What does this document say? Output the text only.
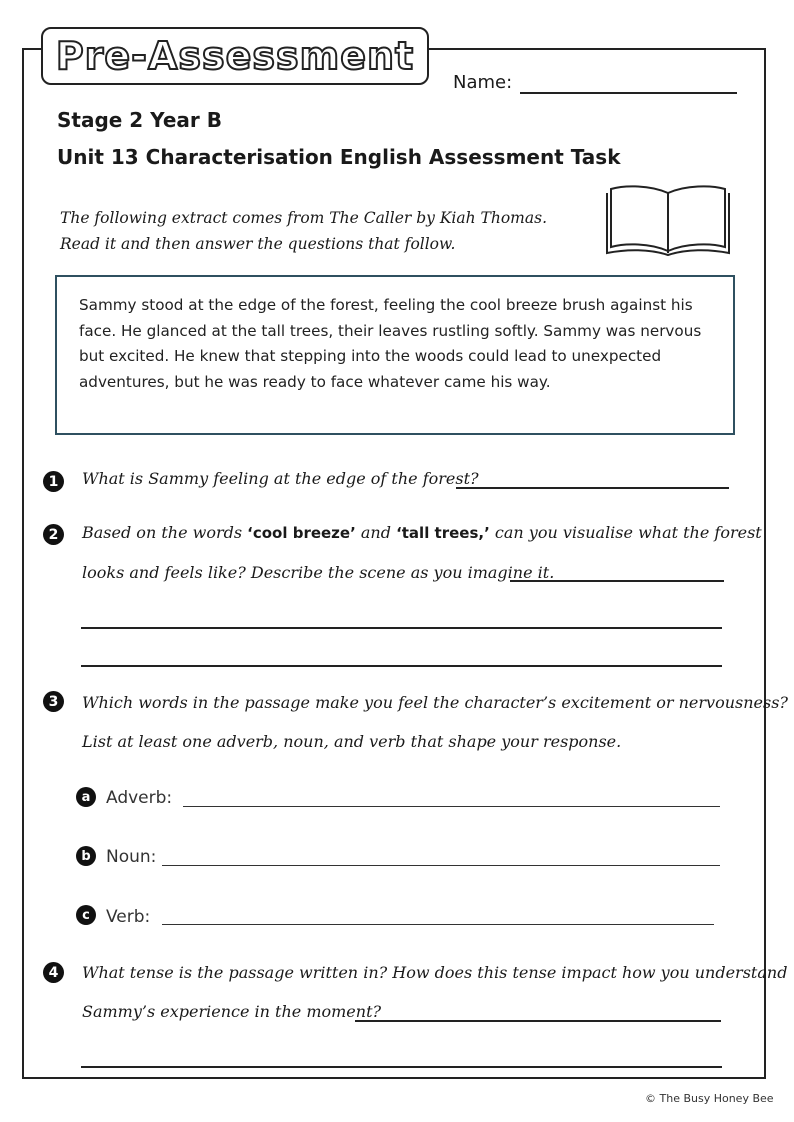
Pre-Assessment
Name:
Stage 2 Year B
Unit 13 Characterisation English Assessment Task
The following extract comes from The Caller by Kiah Thomas.
Read it and then answer the questions that follow.
Sammy stood at the edge of the forest, feeling the cool breeze brush against his face. He glanced at the tall trees, their leaves rustling softly. Sammy was nervous but excited. He knew that stepping into the woods could lead to unexpected adventures, but he was ready to face whatever came his way.
1	What is Sammy feeling at the edge of the forest?
2	Based on the words ‘cool breeze’ and ‘tall trees,’ can you visualise what the forest
looks and feels like? Describe the scene as you imagine it.
3	Which words in the passage make you feel the character’s excitement or nervousness?
List at least one adverb, noun, and verb that shape your response.
a Adverb:
b Noun:
c Verb:
4	What tense is the passage written in? How does this tense impact how you understand
Sammy’s experience in the moment?
© The Busy Honey Bee
